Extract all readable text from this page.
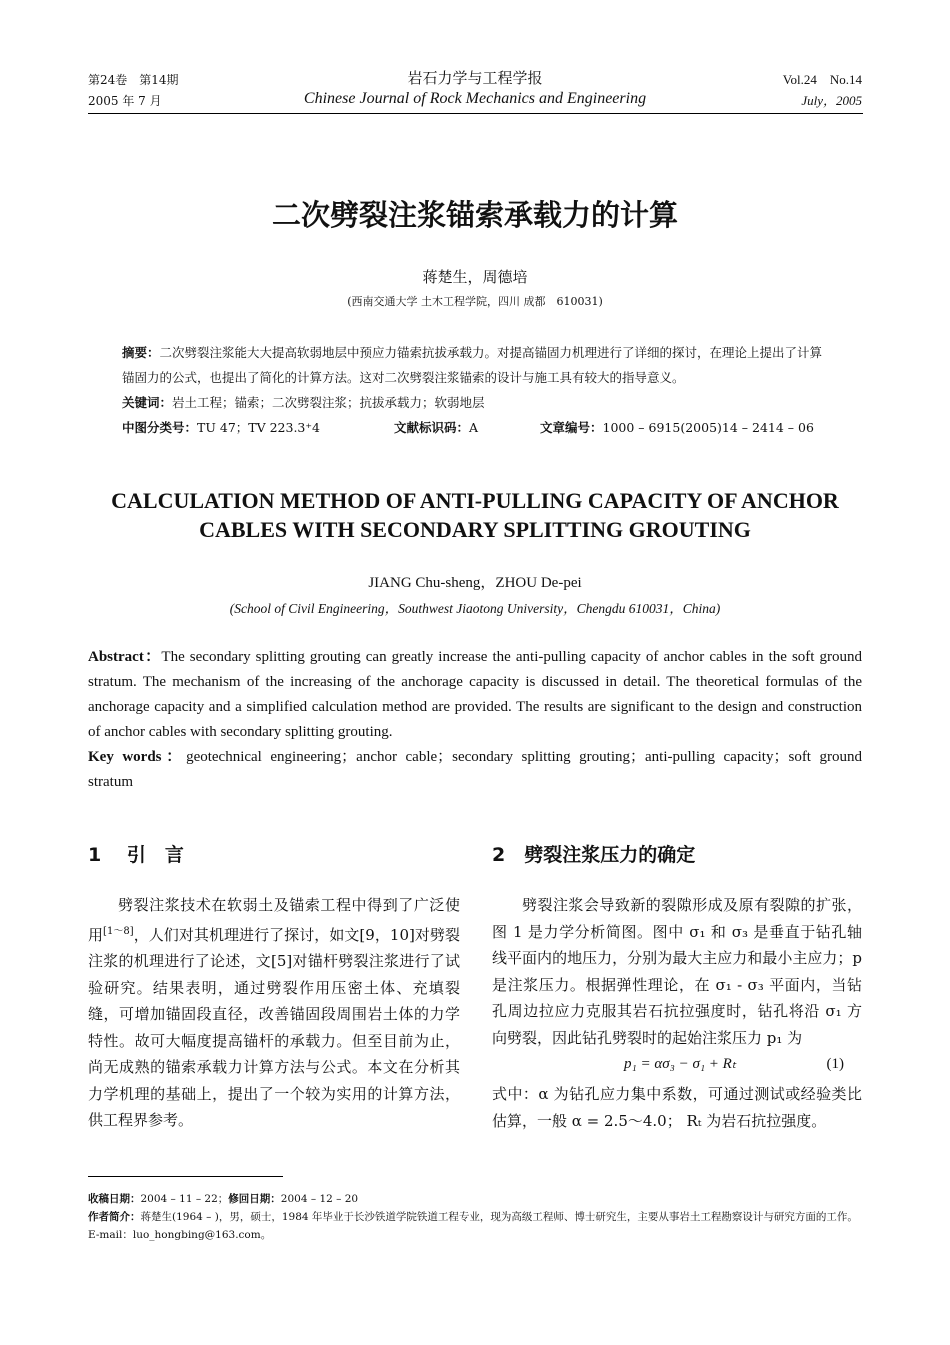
第24卷　第14期
2005 年 7 月
岩石力学与工程学报
Chinese Journal of Rock Mechanics and Engineering
Vol.24　No.14
July，2005
二次劈裂注浆锚索承载力的计算
蒋楚生，周德培
(西南交通大学 土木工程学院，四川 成都　610031)
摘要：二次劈裂注浆能大大提高软弱地层中预应力锚索抗拔承载力。对提高锚固力机理进行了详细的探讨，在理论上提出了计算锚固力的公式，也提出了简化的计算方法。这对二次劈裂注浆锚索的设计与施工具有较大的指导意义。
关键词：岩土工程；锚索；二次劈裂注浆；抗拔承载力；软弱地层
中图分类号：TU 47；TV 223.3⁺4	文献标识码：A	文章编号：1000 – 6915(2005)14 – 2414 – 06
CALCULATION METHOD OF ANTI-PULLING CAPACITY OF ANCHOR CABLES WITH SECONDARY SPLITTING GROUTING
JIANG Chu-sheng，ZHOU De-pei
(School of Civil Engineering，Southwest Jiaotong University，Chengdu 610031，China)
Abstract：The secondary splitting grouting can greatly increase the anti-pulling capacity of anchor cables in the soft ground stratum. The mechanism of the increasing of the anchorage capacity is discussed in detail. The theoretical formulas of the anchorage capacity and a simplified calculation method are provided. The results are significant to the design and construction of anchor cables with secondary splitting grouting.
Key words：geotechnical engineering；anchor cable；secondary splitting grouting；anti-pulling capacity；soft ground stratum
1　 引　言
劈裂注浆技术在软弱土及锚索工程中得到了广泛使用[1～8]，人们对其机理进行了探讨，如文[9，10]对劈裂注浆的机理进行了论述，文[5]对锚杆劈裂注浆进行了试验研究。结果表明，通过劈裂作用压密土体、充填裂缝，可增加锚固段直径，改善锚固段周围岩土体的力学特性。故可大幅度提高锚杆的承载力。但至目前为止，尚无成熟的锚索承载力计算方法与公式。本文在分析其力学机理的基础上，提出了一个较为实用的计算方法，供工程界参考。
2　 劈裂注浆压力的确定
劈裂注浆会导致新的裂隙形成及原有裂隙的扩张，图 1 是力学分析简图。图中 σ₁ 和 σ₃ 是垂直于钻孔轴线平面内的地压力，分别为最大主应力和最小主应力；p 是注浆压力。根据弹性理论，在 σ₁ - σ₃ 平面内，当钻孔周边拉应力克服其岩石抗拉强度时，钻孔将沿 σ₁ 方向劈裂，因此钻孔劈裂时的起始注浆压力 p₁ 为
p₁ = ασ₃ − σ₁ + Rₜ	(1)
式中：α 为钻孔应力集中系数，可通过测试或经验类比估算，一般 α = 2.5～4.0； Rₜ 为岩石抗拉强度。
收稿日期：2004 – 11 – 22；修回日期：2004 – 12 – 20
作者简介：蒋楚生(1964 – )，男，硕士，1984 年毕业于长沙铁道学院铁道工程专业，现为高级工程师、博士研究生，主要从事岩土工程勘察设计与研究方面的工作。E-mail：luo_hongbing@163.com。
